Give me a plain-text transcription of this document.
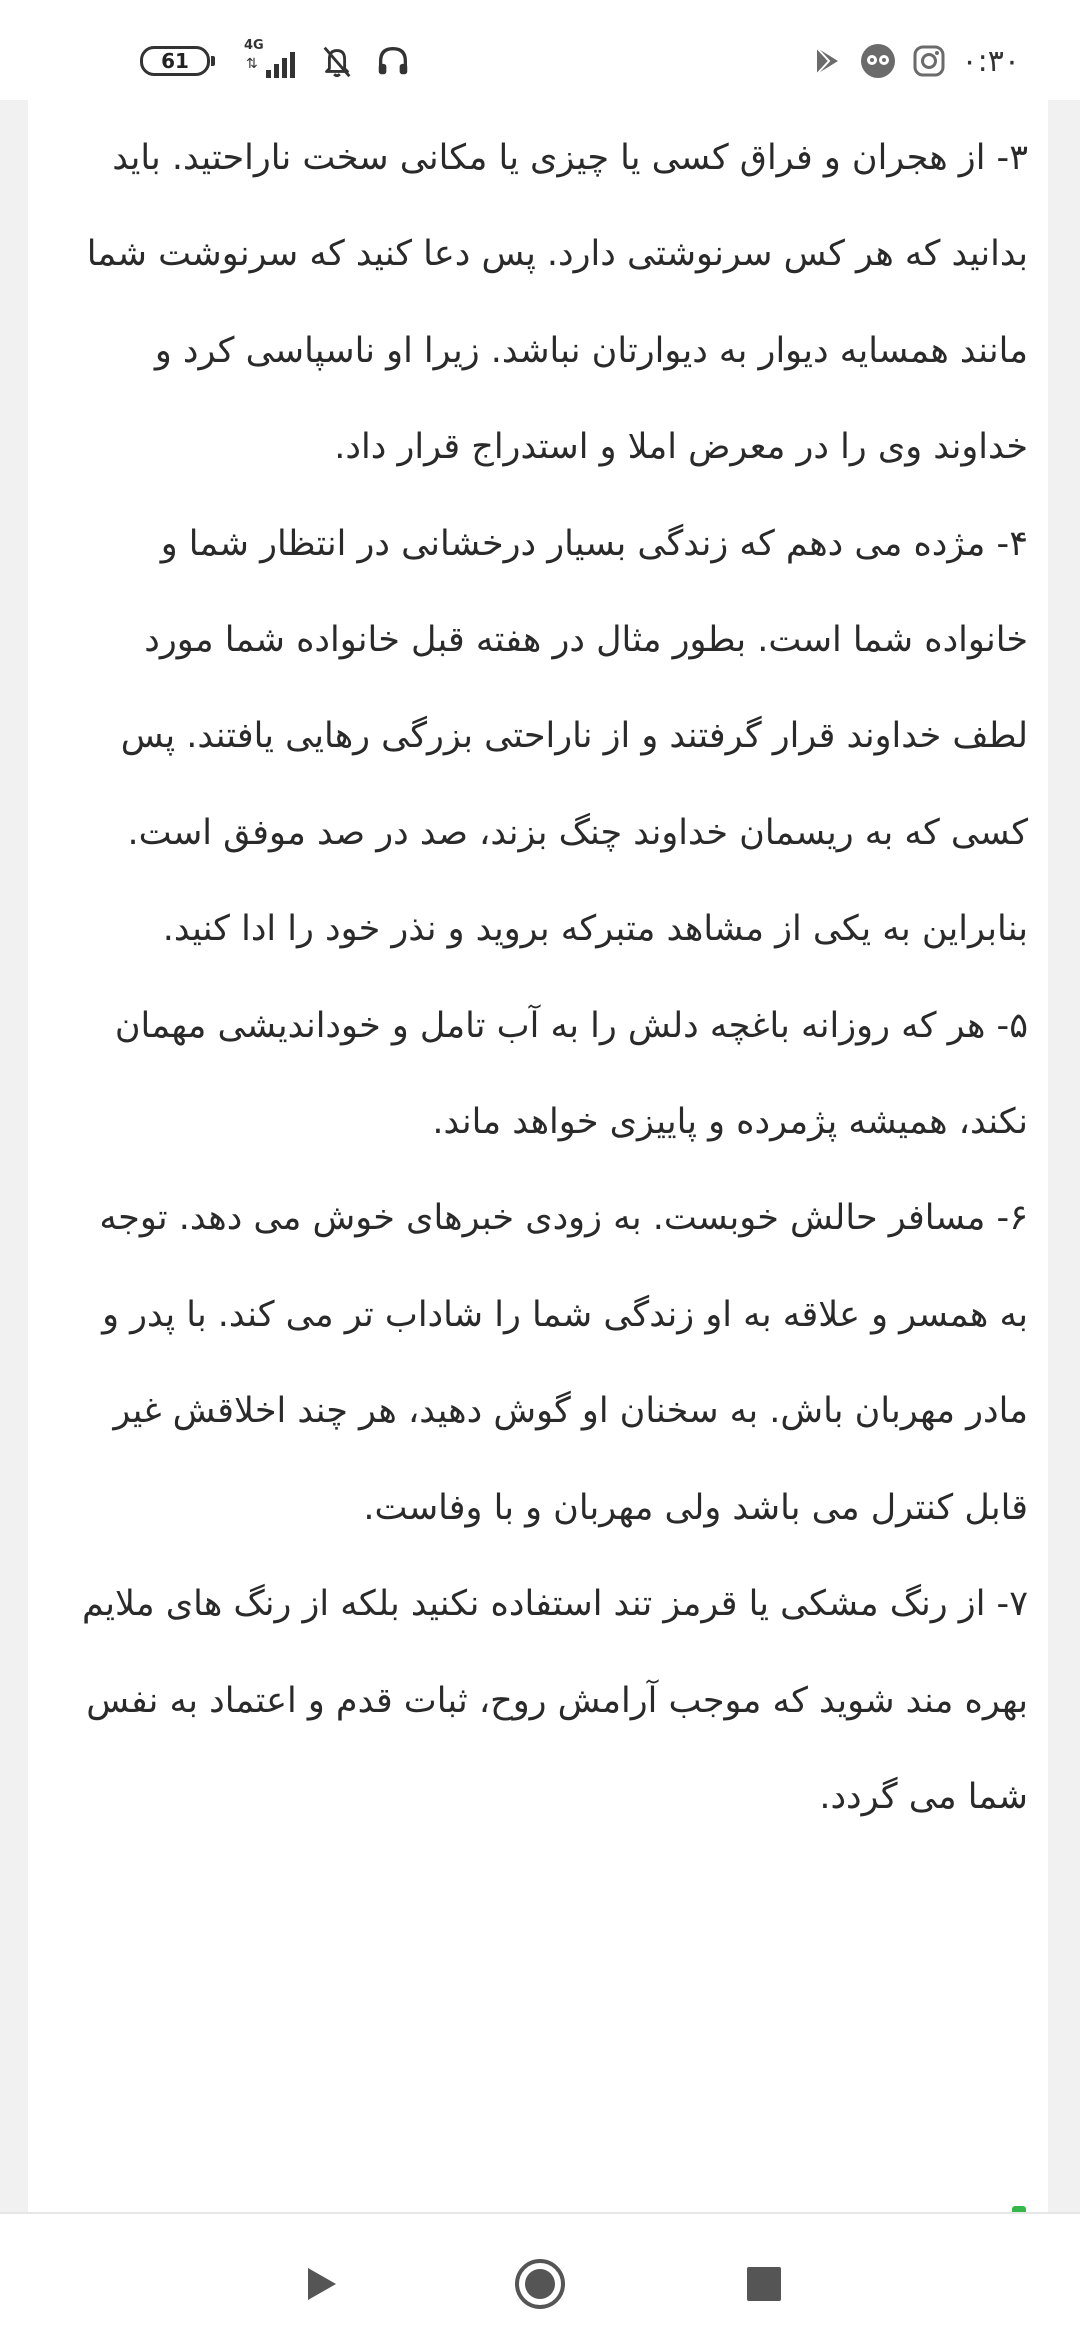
61
4G
⇅	۰:۳۰

۳- از هجران و فراق کسی یا چیزی یا مکانی سخت ناراحتید. باید بدانید که هر کس سرنوشتی دارد. پس دعا کنید که سرنوشت شما مانند همسایه دیوار به دیوارتان نباشد. زیرا او ناسپاسی کرد و خداوند وی را در معرض املا و استدراج قرار داد.

۴- مژده می دهم که زندگی بسیار درخشانی در انتظار شما و خانواده شما است. بطور مثال در هفته قبل خانواده شما مورد لطف خداوند قرار گرفتند و از ناراحتی بزرگی رهایی یافتند. پس کسی که به ریسمان خداوند چنگ بزند، صد در صد موفق است. بنابراین به یکی از مشاهد متبرکه بروید و نذر خود را ادا کنید.

۵- هر که روزانه باغچه دلش را به آب تامل و خوداندیشی مهمان نکند، همیشه پژمرده و پاییزی خواهد ماند.

۶- مسافر حالش خوبست. به زودی خبرهای خوش می دهد. توجه به همسر و علاقه به او زندگی شما را شاداب تر می کند. با پدر و مادر مهربان باش. به سخنان او گوش دهید، هر چند اخلاقش غیر قابل کنترل می باشد ولی مهربان و با وفاست.

۷- از رنگ مشکی یا قرمز تند استفاده نکنید بلکه از رنگ های ملایم بهره مند شوید که موجب آرامش روح، ثبات قدم و اعتماد به نفس شما می گردد.
